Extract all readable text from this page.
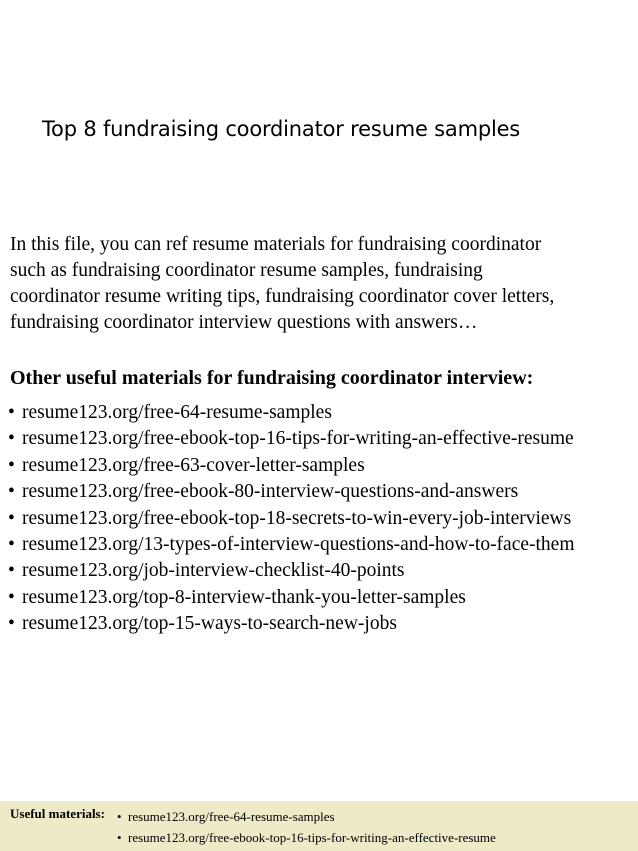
Top 8 fundraising coordinator resume samples

In this file, you can ref resume materials for fundraising coordinator

such as fundraising coordinator resume samples, fundraising

coordinator resume writing tips, fundraising coordinator cover letters,

fundraising coordinator interview questions with answers…

Other useful materials for fundraising coordinator interview:
• resume123.org/free-64-resume-samples
• resume123.org/free-ebook-top-16-tips-for-writing-an-effective-resume
• resume123.org/free-63-cover-letter-samples
• resume123.org/free-ebook-80-interview-questions-and-answers
• resume123.org/free-ebook-top-18-secrets-to-win-every-job-interviews
• resume123.org/13-types-of-interview-questions-and-how-to-face-them
• resume123.org/job-interview-checklist-40-points
• resume123.org/top-8-interview-thank-you-letter-samples
• resume123.org/top-15-ways-to-search-new-jobs
Useful materials: • resume123.org/free-64-resume-samples
• resume123.org/free-ebook-top-16-tips-for-writing-an-effective-resume
